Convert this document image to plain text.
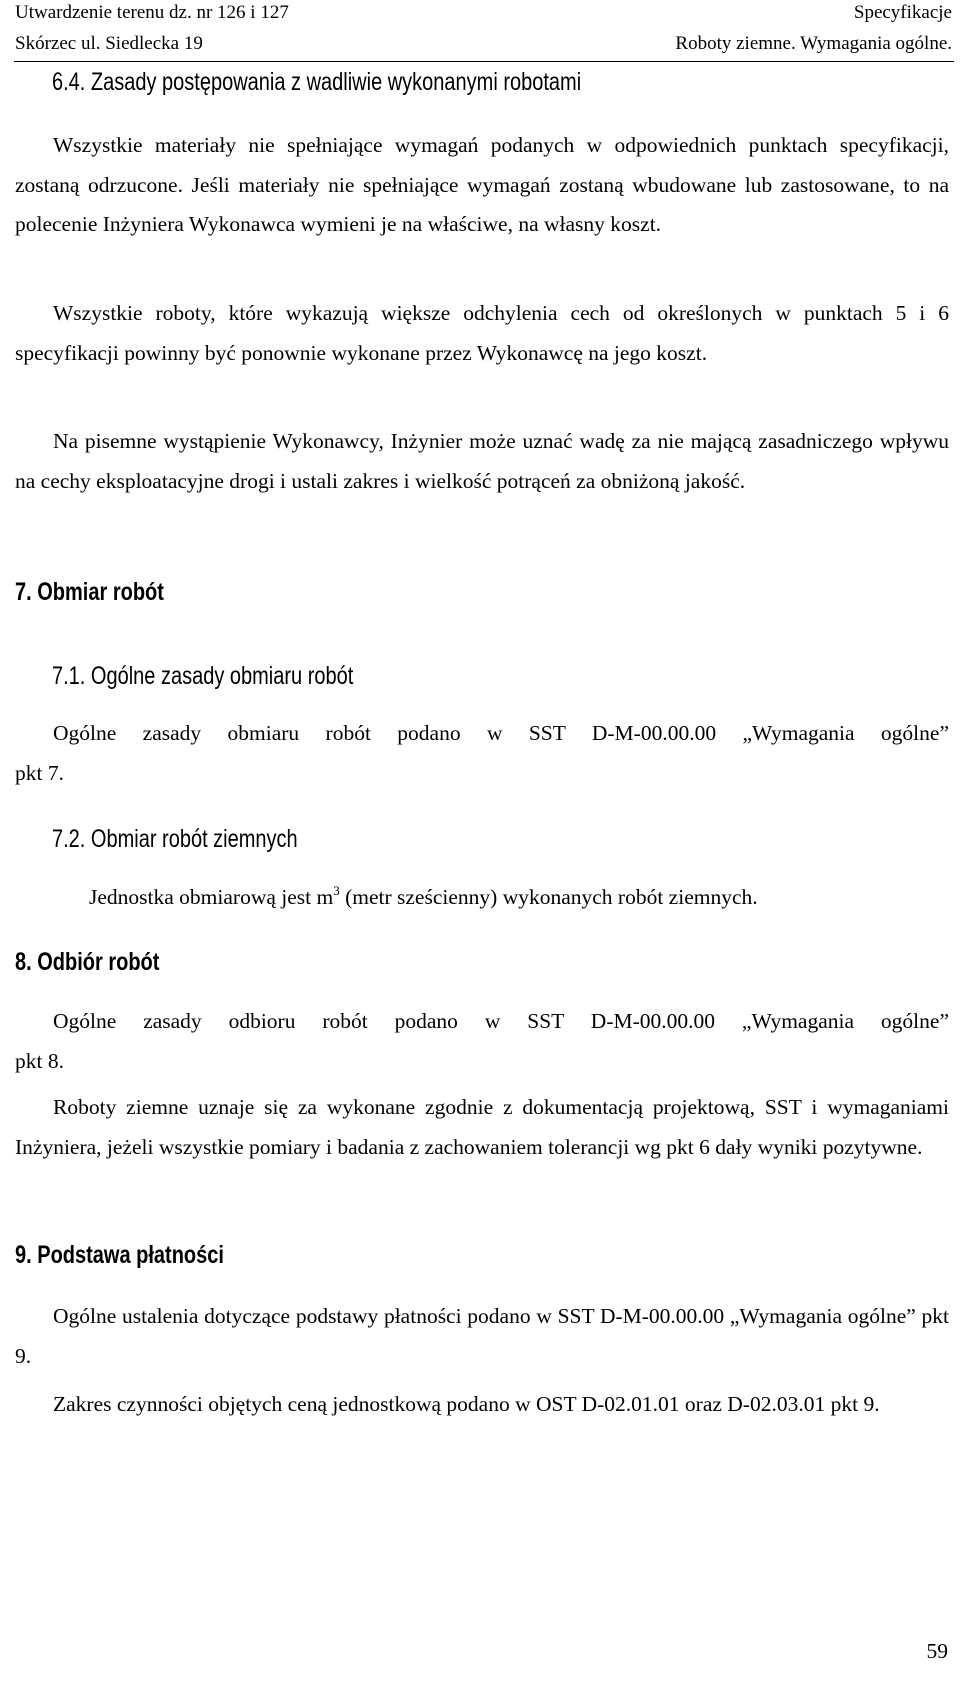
Utwardzenie terenu dz. nr 126 i 127
Skórzec ul. Siedlecka 19
Specyfikacje
Roboty ziemne. Wymagania ogólne.
6.4. Zasady postępowania z wadliwie wykonanymi robotami
Wszystkie materiały nie spełniające wymagań podanych w odpowiednich punktach specyfikacji, zostaną odrzucone. Jeśli materiały nie spełniające wymagań zostaną wbudowane lub zastosowane, to na polecenie Inżyniera Wykonawca wymieni je na właściwe, na własny koszt.
Wszystkie roboty, które wykazują większe odchylenia cech od określonych w punktach 5 i 6 specyfikacji powinny być ponownie wykonane przez Wykonawcę na jego koszt.
Na pisemne wystąpienie Wykonawcy, Inżynier może uznać wadę za nie mającą zasadniczego wpływu na cechy eksploatacyjne drogi i ustali zakres i wielkość potrąceń za obniżoną jakość.
7. Obmiar robót
7.1. Ogólne zasady obmiaru robót
Ogólne zasady obmiaru robót podano w SST D-M-00.00.00 „Wymagania ogólne”
pkt 7.
7.2. Obmiar robót ziemnych
Jednostka obmiarową jest $m^3$ (metr sześcienny) wykonanych robót ziemnych.
8. Odbiór robót
Ogólne zasady odbioru robót podano w SST D-M-00.00.00 „Wymagania ogólne”
pkt 8.
Roboty ziemne uznaje się za wykonane zgodnie z dokumentacją projektową, SST i wymaganiami Inżyniera, jeżeli wszystkie pomiary i badania z zachowaniem tolerancji wg pkt 6 dały wyniki pozytywne.
9. Podstawa płatności
Ogólne ustalenia dotyczące podstawy płatności podano w SST D-M-00.00.00 „Wymagania ogólne” pkt 9.
Zakres czynności objętych ceną jednostkową podano w OST D-02.01.01 oraz D-02.03.01 pkt 9.
59
